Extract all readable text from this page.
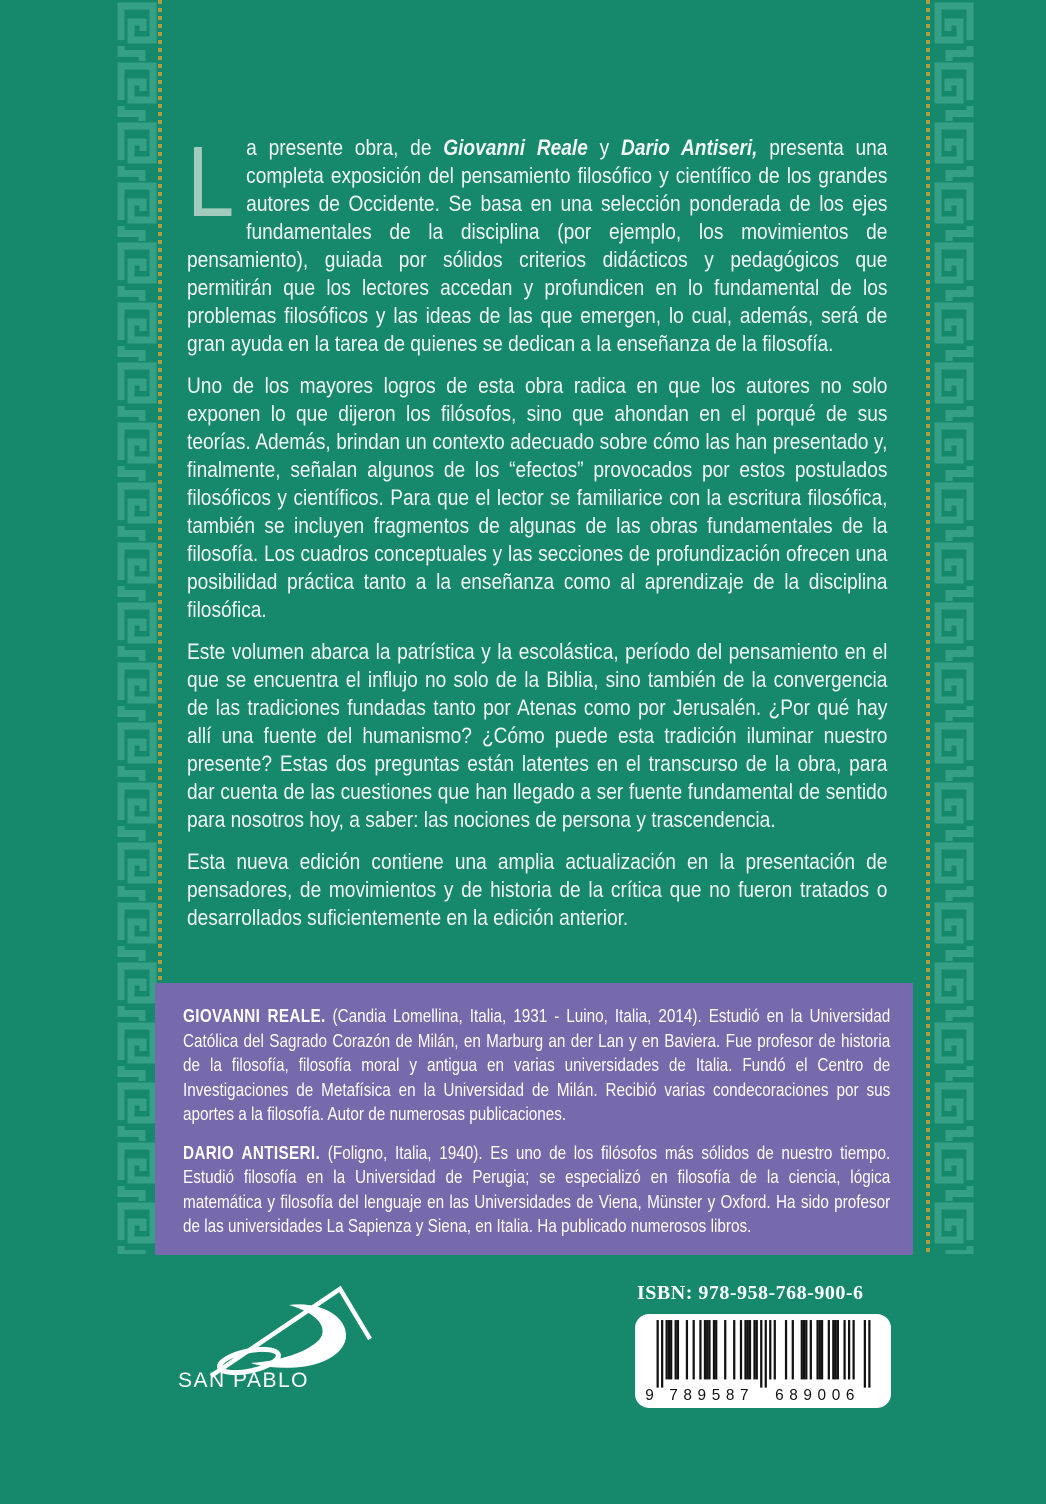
La presente obra, de Giovanni Reale y Dario Antiseri, presenta una completa exposición del pensamiento filosófico y científico de los grandes autores de Occidente. Se basa en una selección ponderada de los ejes fundamentales de la disciplina (por ejemplo, los movimientos de pensamiento), guiada por sólidos criterios didácticos y pedagógicos que permitirán que los lectores accedan y profundicen en lo fundamental de los problemas filosóficos y las ideas de las que emergen, lo cual, además, será de gran ayuda en la tarea de quienes se dedican a la enseñanza de la filosofía.

Uno de los mayores logros de esta obra radica en que los autores no solo exponen lo que dijeron los filósofos, sino que ahondan en el porqué de sus teorías. Además, brindan un contexto adecuado sobre cómo las han presentado y, finalmente, señalan algunos de los “efectos” provocados por estos postulados filosóficos y científicos. Para que el lector se familiarice con la escritura filosófica, también se incluyen fragmentos de algunas de las obras fundamentales de la filosofía. Los cuadros conceptuales y las secciones de profundización ofrecen una posibilidad práctica tanto a la enseñanza como al aprendizaje de la disciplina filosófica.

Este volumen abarca la patrística y la escolástica, período del pensamiento en el que se encuentra el influjo no solo de la Biblia, sino también de la convergencia de las tradiciones fundadas tanto por Atenas como por Jerusalén. ¿Por qué hay allí una fuente del humanismo? ¿Cómo puede esta tradición iluminar nuestro presente? Estas dos preguntas están latentes en el transcurso de la obra, para dar cuenta de las cuestiones que han llegado a ser fuente fundamental de sentido para nosotros hoy, a saber: las nociones de persona y trascendencia.

Esta nueva edición contiene una amplia actualización en la presentación de pensadores, de movimientos y de historia de la crítica que no fueron tratados o desarrollados suficientemente en la edición anterior.

GIOVANNI REALE. (Candia Lomellina, Italia, 1931 - Luino, Italia, 2014). Estudió en la Universidad Católica del Sagrado Corazón de Milán, en Marburg an der Lan y en Baviera. Fue profesor de historia de la filosofía, filosofía moral y antigua en varias universidades de Italia. Fundó el Centro de Investigaciones de Metafísica en la Universidad de Milán. Recibió varias condecoraciones por sus aportes a la filosofía. Autor de numerosas publicaciones.

DARIO ANTISERI. (Foligno, Italia, 1940). Es uno de los filósofos más sólidos de nuestro tiempo. Estudió filosofía en la Universidad de Perugia; se especializó en filosofía de la ciencia, lógica matemática y filosofía del lenguaje en las Universidades de Viena, Münster y Oxford. Ha sido profesor de las universidades La Sapienza y Siena, en Italia. Ha publicado numerosos libros.

SAN PABLO
ISBN: 978-958-768-900-6
9 789587 689006
